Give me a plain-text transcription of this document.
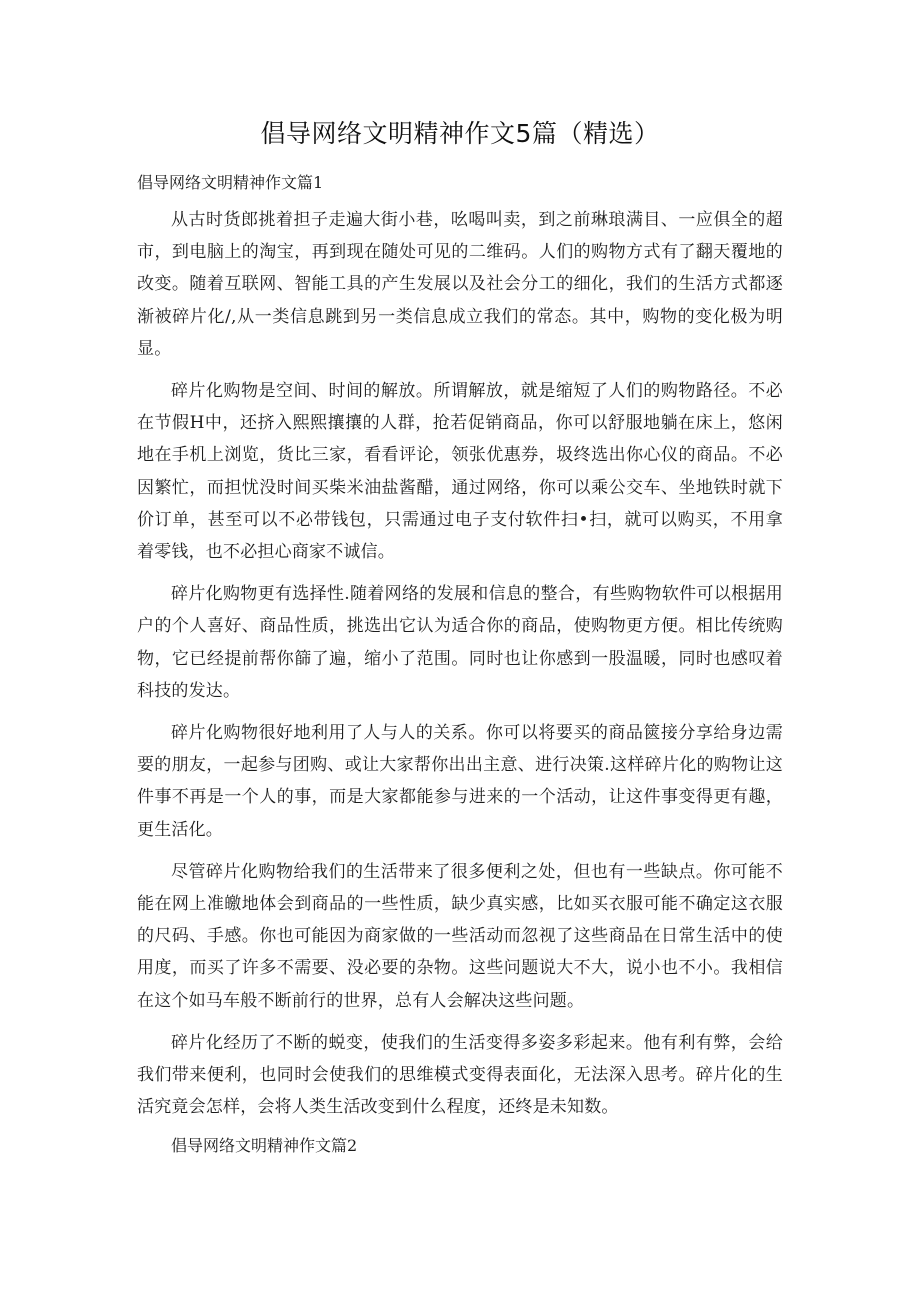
倡导网络文明精神作文5篇（精选）
倡导网络文明精神作文篇1

从古时货郎挑着担子走遍大街小巷，吆喝叫卖，到之前琳琅满目、一应俱全的超市，到电脑上的淘宝，再到现在随处可见的二维码。人们的购物方式有了翻天覆地的改变。随着互联网、智能工具的产生发展以及社会分工的细化，我们的生活方式都逐渐被碎片化/,从一类信息跳到另一类信息成立我们的常态。其中，购物的变化极为明显。

碎片化购物是空间、时间的解放。所谓解放，就是缩短了人们的购物路径。不必在节假H中，还挤入熙熙攘攘的人群，抢若促销商品，你可以舒服地躺在床上，悠闲地在手机上浏览，货比三家，看看评论，领张优惠券，圾终选出你心仪的商品。不必因繁忙，而担忧没时间买柴米油盐酱醋，通过网络，你可以乘公交车、坐地铁时就下价订单，甚至可以不必带钱包，只需通过电子支付软件扫•扫，就可以购买，不用拿着零钱，也不必担心商家不诚信。

碎片化购物更有选择性.随着网络的发展和信息的整合，有些购物软件可以根据用户的个人喜好、商品性质，挑选出它认为适合你的商品，使购物更方便。相比传统购物，它已经提前帮你篩了遍，缩小了范围。同时也让你感到一股温暖，同时也感叹着科技的发达。

碎片化购物很好地利用了人与人的关系。你可以将要买的商品篋接分享给身边需要的朋友，一起参与团购、或让大家帮你出出主意、进行决策.这样碎片化的购物让这件事不再是一个人的事，而是大家都能参与进来的一个活动，让这件事变得更有趣，更生活化。

尽管碎片化购物给我们的生活带来了很多便利之处，但也有一些缺点。你可能不能在网上准皦地体会到商品的一些性质，缺少真实感，比如买衣服可能不确定这衣服的尺码、手感。你也可能因为商家做的一些活动而忽视了这些商品在日常生活中的使用度，而买了许多不需要、没必要的杂物。这些问题说大不大，说小也不小。我相信在这个如马车般不断前行的世界，总有人会解决这些问题。

碎片化经历了不断的蜕变，使我们的生活变得多姿多彩起来。他有利有弊，会给我们带来便利，也同时会使我们的思维模式变得表面化，无法深入思考。碎片化的生活究竟会怎样，会将人类生活改变到什么程度，还终是未知数。

倡导网络文明精神作文篇2
